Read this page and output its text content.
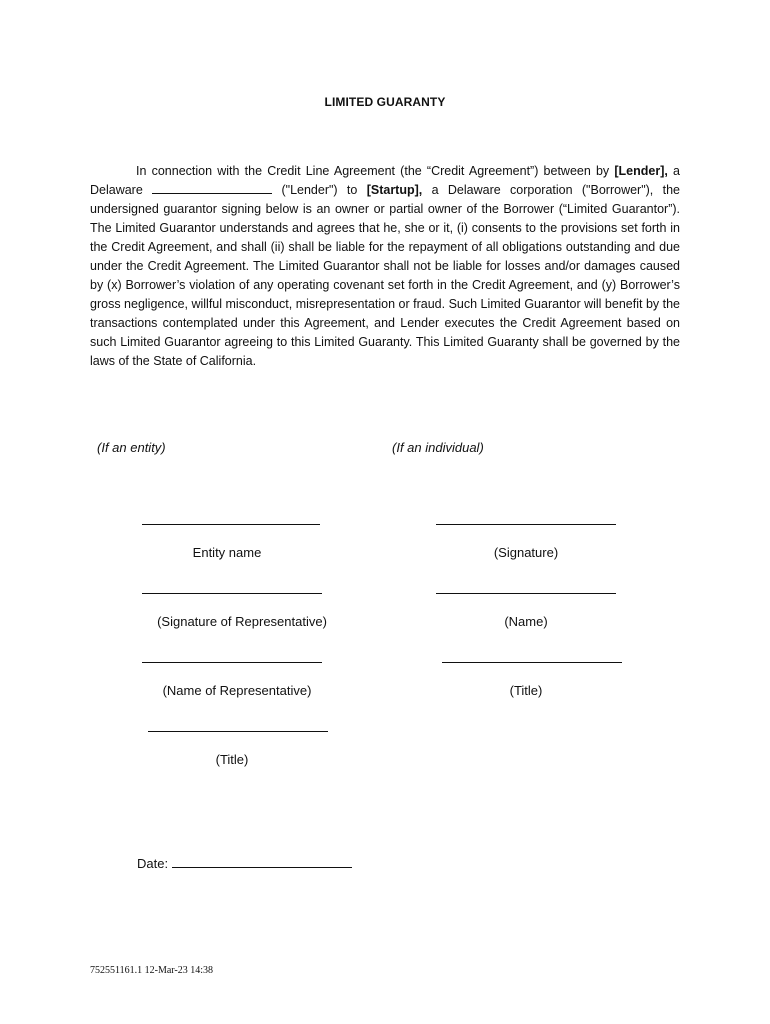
LIMITED GUARANTY
In connection with the Credit Line Agreement (the “Credit Agreement”) between by [Lender], a Delaware	("Lender") to [Startup], a Delaware corporation ("Borrower"), the undersigned guarantor signing below is an owner or partial owner of the Borrower (“Limited Guarantor”). The Limited Guarantor understands and agrees that he, she or it, (i) consents to the provisions set forth in the Credit Agreement, and shall (ii) shall be liable for the repayment of all obligations outstanding and due under the Credit Agreement. The Limited Guarantor shall not be liable for losses and/or damages caused by (x) Borrower’s violation of any operating covenant set forth in the Credit Agreement, and (y) Borrower’s gross negligence, willful misconduct, misrepresentation or fraud. Such Limited Guarantor will benefit by the transactions contemplated under this Agreement, and Lender executes the Credit Agreement based on such Limited Guarantor agreeing to this Limited Guaranty. This Limited Guaranty shall be governed by the laws of the State of California.
(If an entity)	(If an individual)
Entity name
(Signature of Representative)
(Name of Representative)
(Title)
(Signature)
(Name)
(Title)
Date:
752551161.1 12-Mar-23 14:38
